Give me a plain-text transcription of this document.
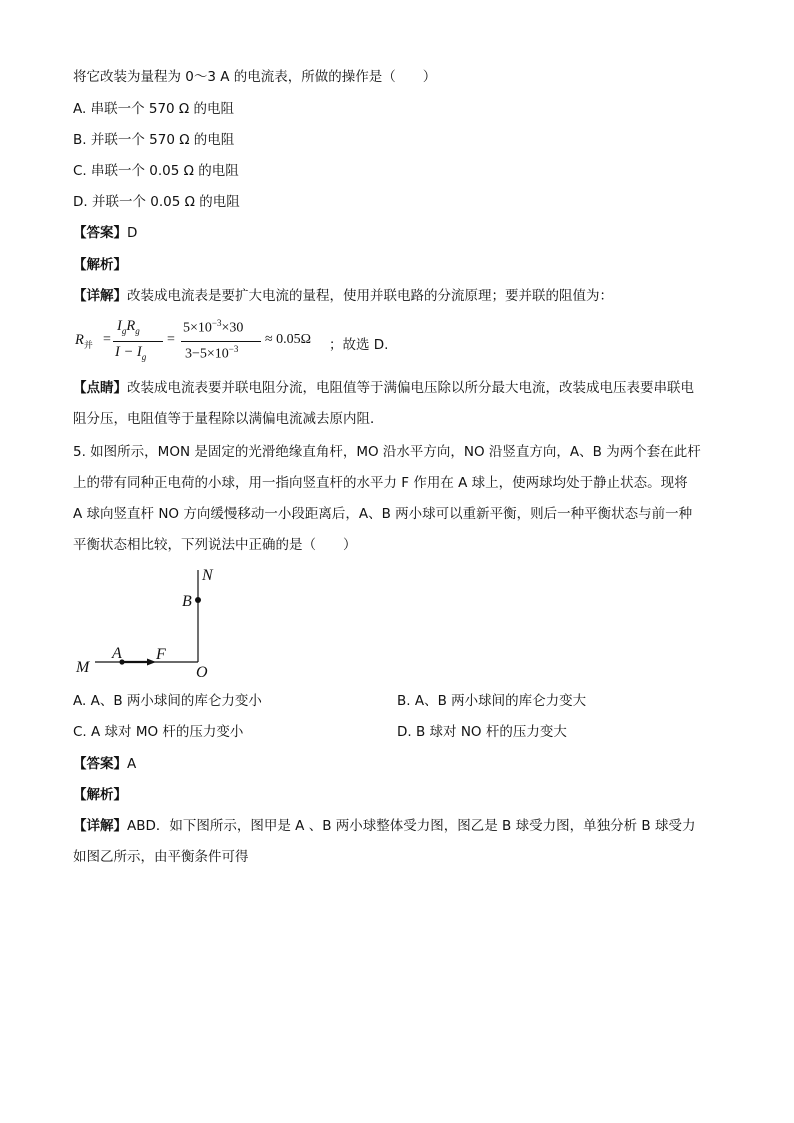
将它改装为量程为 0～3 A 的电流表，所做的操作是（　　）
A. 串联一个 570 Ω 的电阻
B. 并联一个 570 Ω 的电阻
C. 串联一个 0.05 Ω 的电阻
D. 并联一个 0.05 Ω 的电阻
【答案】D
【解析】
【详解】改装成电流表是要扩大电流的量程，使用并联电路的分流原理；要并联的阻值为：
$R_并$ =
$I_gR_g$
$I - I_g$
=
$5\times 10^{-3}\times 30$
$3-5\times 10^{-3}$
≈ 0.05Ω ；故选 D.
【点睛】改装成电流表要并联电阻分流，电阻值等于满偏电压除以所分最大电流，改装成电压表要串联电
阻分压，电阻值等于量程除以满偏电流减去原内阻．
5. 如图所示，MON 是固定的光滑绝缘直角杆，MO 沿水平方向，NO 沿竖直方向，A、B 为两个套在此杆
上的带有同种正电荷的小球，用一指向竖直杆的水平力 F 作用在 A 球上，使两球均处于静止状态。现将
A 球向竖直杆 NO 方向缓慢移动一小段距离后，A、B 两小球可以重新平衡，则后一种平衡状态与前一种
平衡状态相比较，下列说法中正确的是（　　）
N
B
M
A F
O
A. A、B 两小球间的库仑力变小	B. A、B 两小球间的库仑力变大
C. A 球对 MO 杆的压力变小	D. B 球对 NO 杆的压力变大
【答案】A
【解析】
【详解】ABD．如下图所示，图甲是 A 、B 两小球整体受力图，图乙是 B 球受力图，单独分析 B 球受力
如图乙所示，由平衡条件可得
